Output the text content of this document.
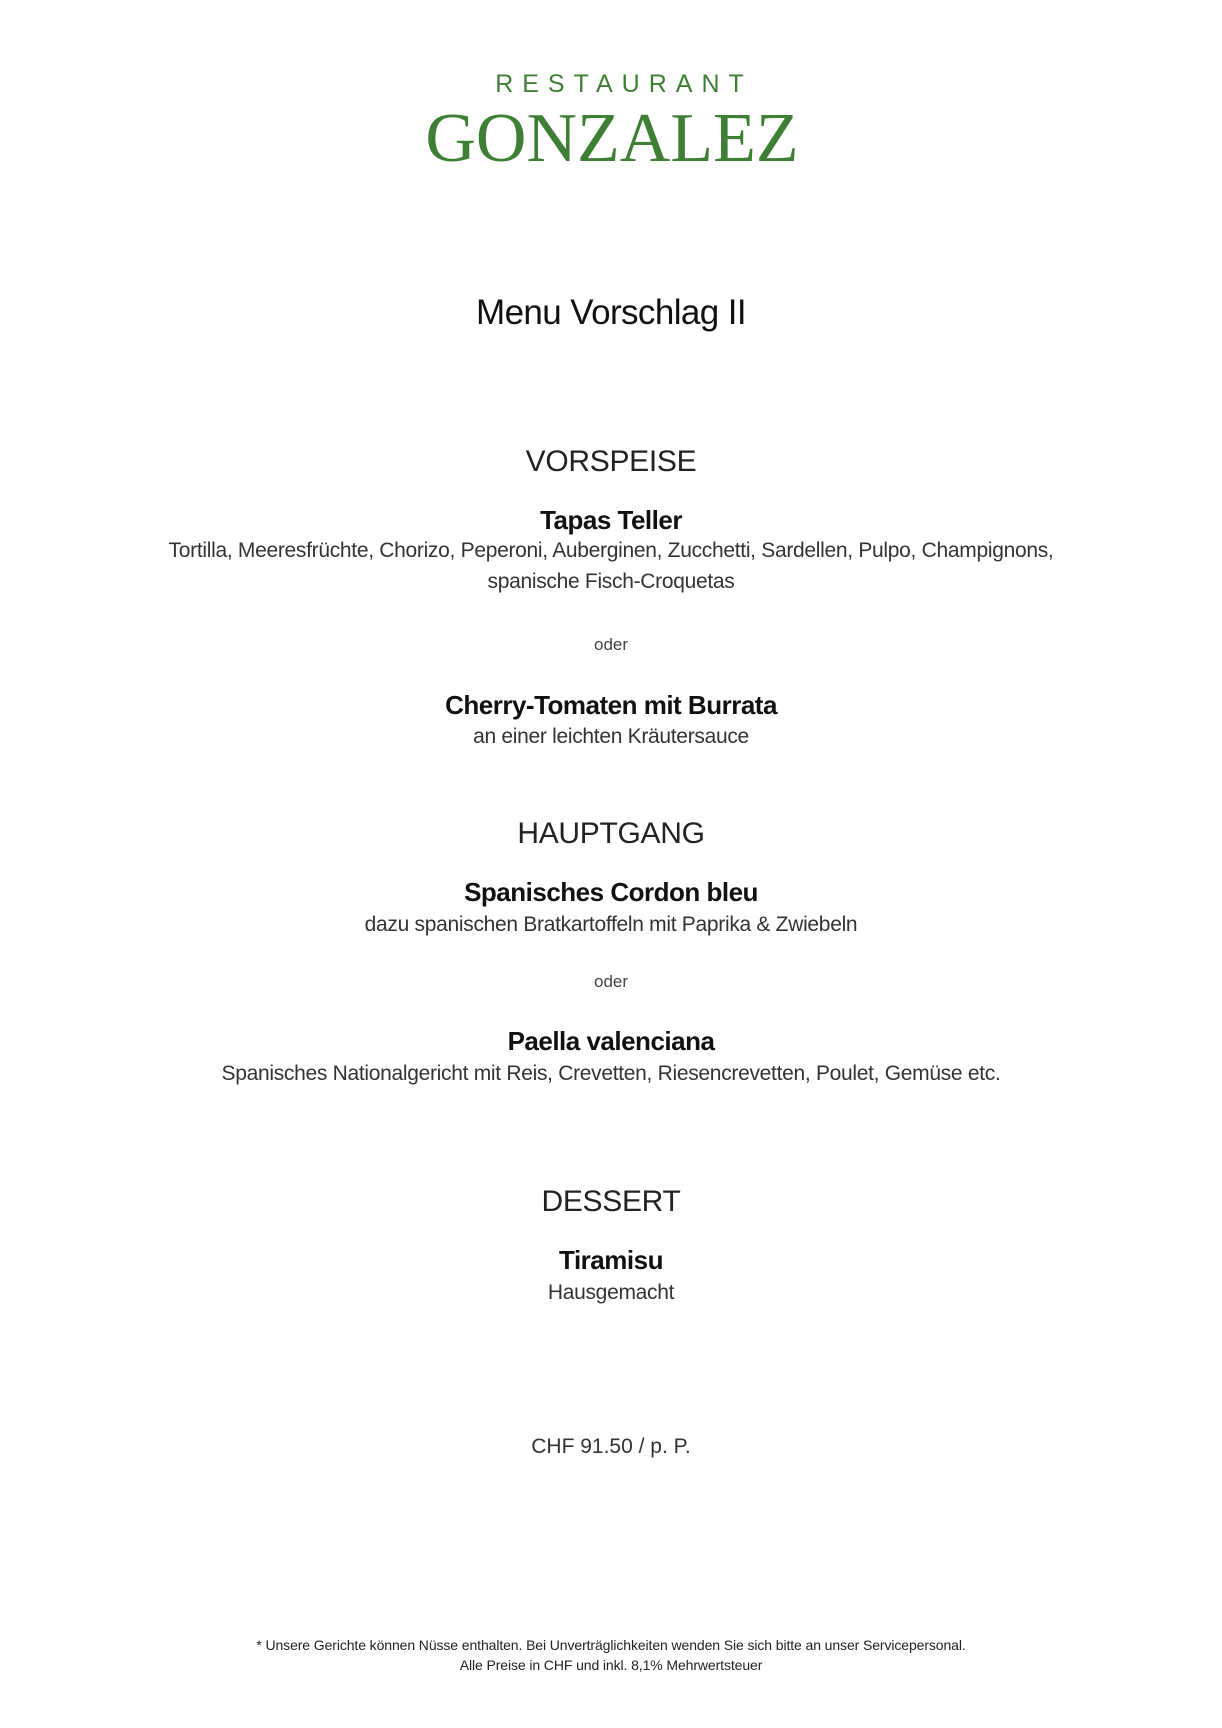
RESTAURANT
GONZALEZ
Menu Vorschlag II
VORSPEISE
Tapas Teller
Tortilla, Meeresfrüchte, Chorizo, Peperoni, Auberginen, Zucchetti, Sardellen, Pulpo, Champignons,
spanische Fisch-Croquetas
oder
Cherry-Tomaten mit Burrata
an einer leichten Kräutersauce
HAUPTGANG
Spanisches Cordon bleu
dazu spanischen Bratkartoffeln mit Paprika & Zwiebeln
oder
Paella valenciana
Spanisches Nationalgericht mit Reis, Crevetten, Riesencrevetten, Poulet, Gemüse etc.
DESSERT
Tiramisu
Hausgemacht
CHF 91.50 / p. P.
* Unsere Gerichte können Nüsse enthalten. Bei Unverträglichkeiten wenden Sie sich bitte an unser Servicepersonal.
Alle Preise in CHF und inkl. 8,1% Mehrwertsteuer
